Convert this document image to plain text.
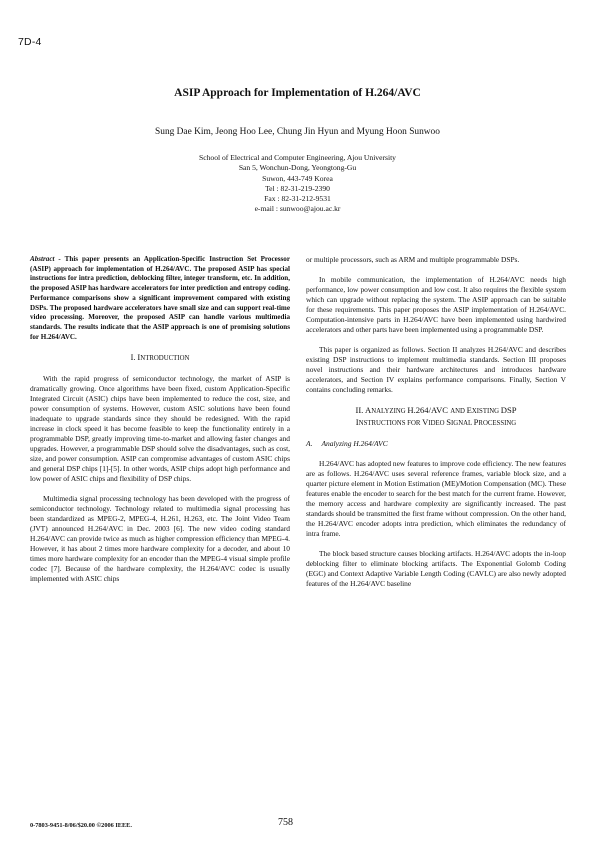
7D-4
ASIP Approach for Implementation of H.264/AVC
Sung Dae Kim, Jeong Hoo Lee, Chung Jin Hyun and Myung Hoon Sunwoo
School of Electrical and Computer Engineering, Ajou University
San 5, Wonchun-Dong, Yeongtong-Gu
Suwon, 443-749 Korea
Tel : 82-31-219-2390
Fax : 82-31-212-9531
e-mail : sunwoo@ajou.ac.kr

Abstract - This paper presents an Application-Specific Instruction Set Processor (ASIP) approach for implementation of H.264/AVC. The proposed ASIP has special instructions for intra prediction, deblocking filter, integer transform, etc. In addition, the proposed ASIP has hardware accelerators for inter prediction and entropy coding. Performance comparisons show a significant improvement compared with existing DSPs. The proposed hardware accelerators have small size and can support real-time video processing. Moreover, the proposed ASIP can handle various multimedia standards. The results indicate that the ASIP approach is one of promising solutions for H.264/AVC.

I. INTRODUCTION

With the rapid progress of semiconductor technology, the market of ASIP is dramatically growing. Once algorithms have been fixed, custom Application-Specific Integrated Circuit (ASIC) chips have been implemented to reduce the cost, size, and power consumption of systems. However, custom ASIC solutions have been found inadequate to upgrade standards since they should be redesigned. With the rapid increase in clock speed it has become feasible to keep the functionality entirely in a programmable DSP, greatly improving time-to-market and allowing faster changes and upgrades. However, a programmable DSP should solve the disadvantages, such as cost, size, and power consumption. ASIP can compromise advantages of custom ASIC chips and general DSP chips [1]-[5]. In other words, ASIP chips adopt high performance and low power of ASIC chips and flexibility of DSP chips.

Multimedia signal processing technology has been developed with the progress of semiconductor technology. Technology related to multimedia signal processing has been standardized as MPEG-2, MPEG-4, H.261, H.263, etc. The Joint Video Team (JVT) announced H.264/AVC in Dec. 2003 [6]. The new video coding standard H.264/AVC can provide twice as much as higher compression efficiency than MPEG-4. However, it has about 2 times more hardware complexity for a decoder, and about 10 times more hardware complexity for an encoder than the MPEG-4 visual simple profile codec [7]. Because of the hardware complexity, the H.264/AVC codec is usually implemented with ASIC chips

or multiple processors, such as ARM and multiple programmable DSPs.

In mobile communication, the implementation of H.264/AVC needs high performance, low power consumption and low cost. It also requires the flexible system which can upgrade without replacing the system. The ASIP approach can be suitable for these requirements. This paper proposes the ASIP implementation of H.264/AVC. Computation-intensive parts in H.264/AVC have been implemented using hardwired accelerators and other parts have been implemented using a programmable DSP.

This paper is organized as follows. Section II analyzes H.264/AVC and describes existing DSP instructions to implement multimedia standards. Section III proposes novel instructions and their hardware architectures and introduces hardware accelerators, and Section IV explains performance comparisons. Finally, Section V contains concluding remarks.

II. ANALYZING H.264/AVC AND EXISTING DSP
INSTRUCTIONS FOR VIDEO SIGNAL PROCESSING
A. Analyzing H.264/AVC

H.264/AVC has adopted new features to improve code efficiency. The new features are as follows. H.264/AVC uses several reference frames, variable block size, and a quarter picture element in Motion Estimation (ME)/Motion Compensation (MC). These features enable the encoder to search for the best match for the current frame. However, the memory access and hardware complexity are significantly increased. The past standards should be transmitted the first frame without compression. On the other hand, the H.264/AVC encoder adopts intra prediction, which eliminates the redundancy of intra frame.

The block based structure causes blocking artifacts. H.264/AVC adopts the in-loop deblocking filter to eliminate blocking artifacts. The Exponential Golomb Coding (EGC) and Context Adaptive Variable Length Coding (CAVLC) are also newly adopted features of the H.264/AVC baseline

0-7803-9451-8/06/$20.00 ©2006 IEEE.	758
